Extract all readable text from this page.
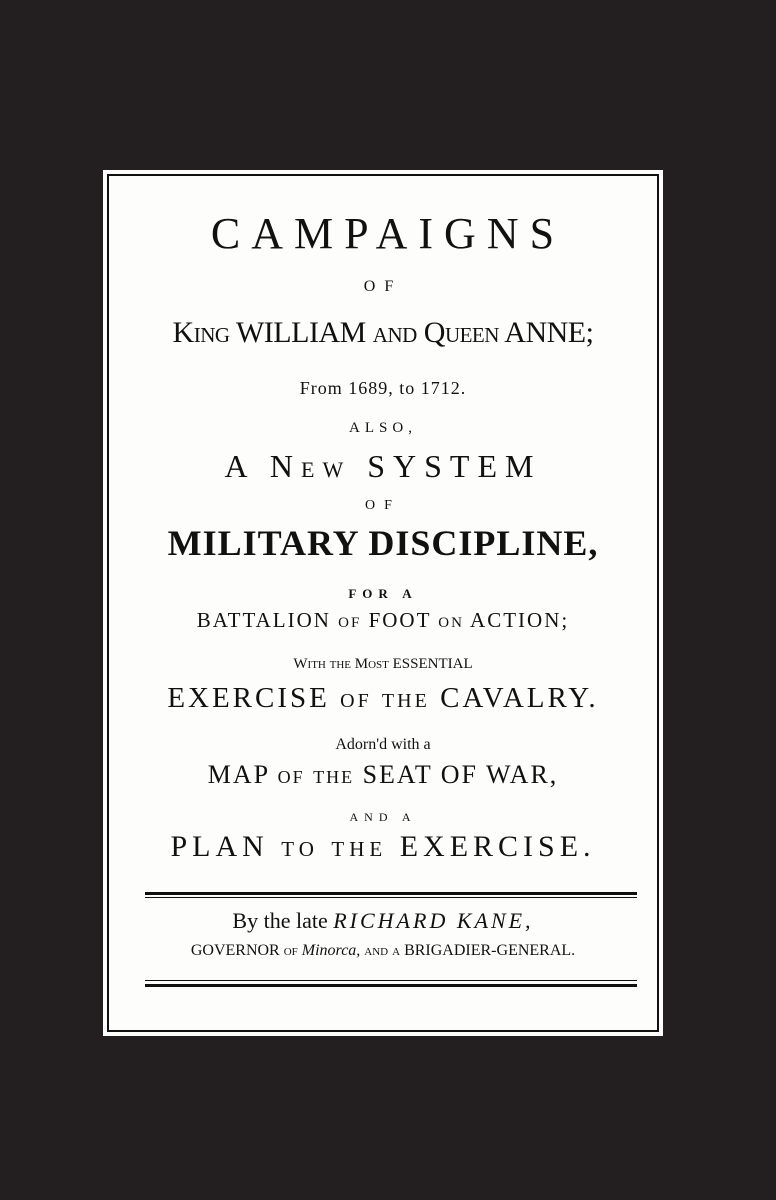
CAMPAIGNS
OF
King WILLIAM and Queen ANNE;
From 1689, to 1712.
ALSO,
A New SYSTEM
OF
MILITARY DISCIPLINE,
FOR A
BATTALION of FOOT on ACTION;
With the Most ESSENTIAL
EXERCISE of the CAVALRY.
Adorn'd with a
MAP of the SEAT OF WAR,
AND A
PLAN to the EXERCISE.
By the late RICHARD KANE,
GOVERNOR of Minorca, and a BRIGADIER-GENERAL.
